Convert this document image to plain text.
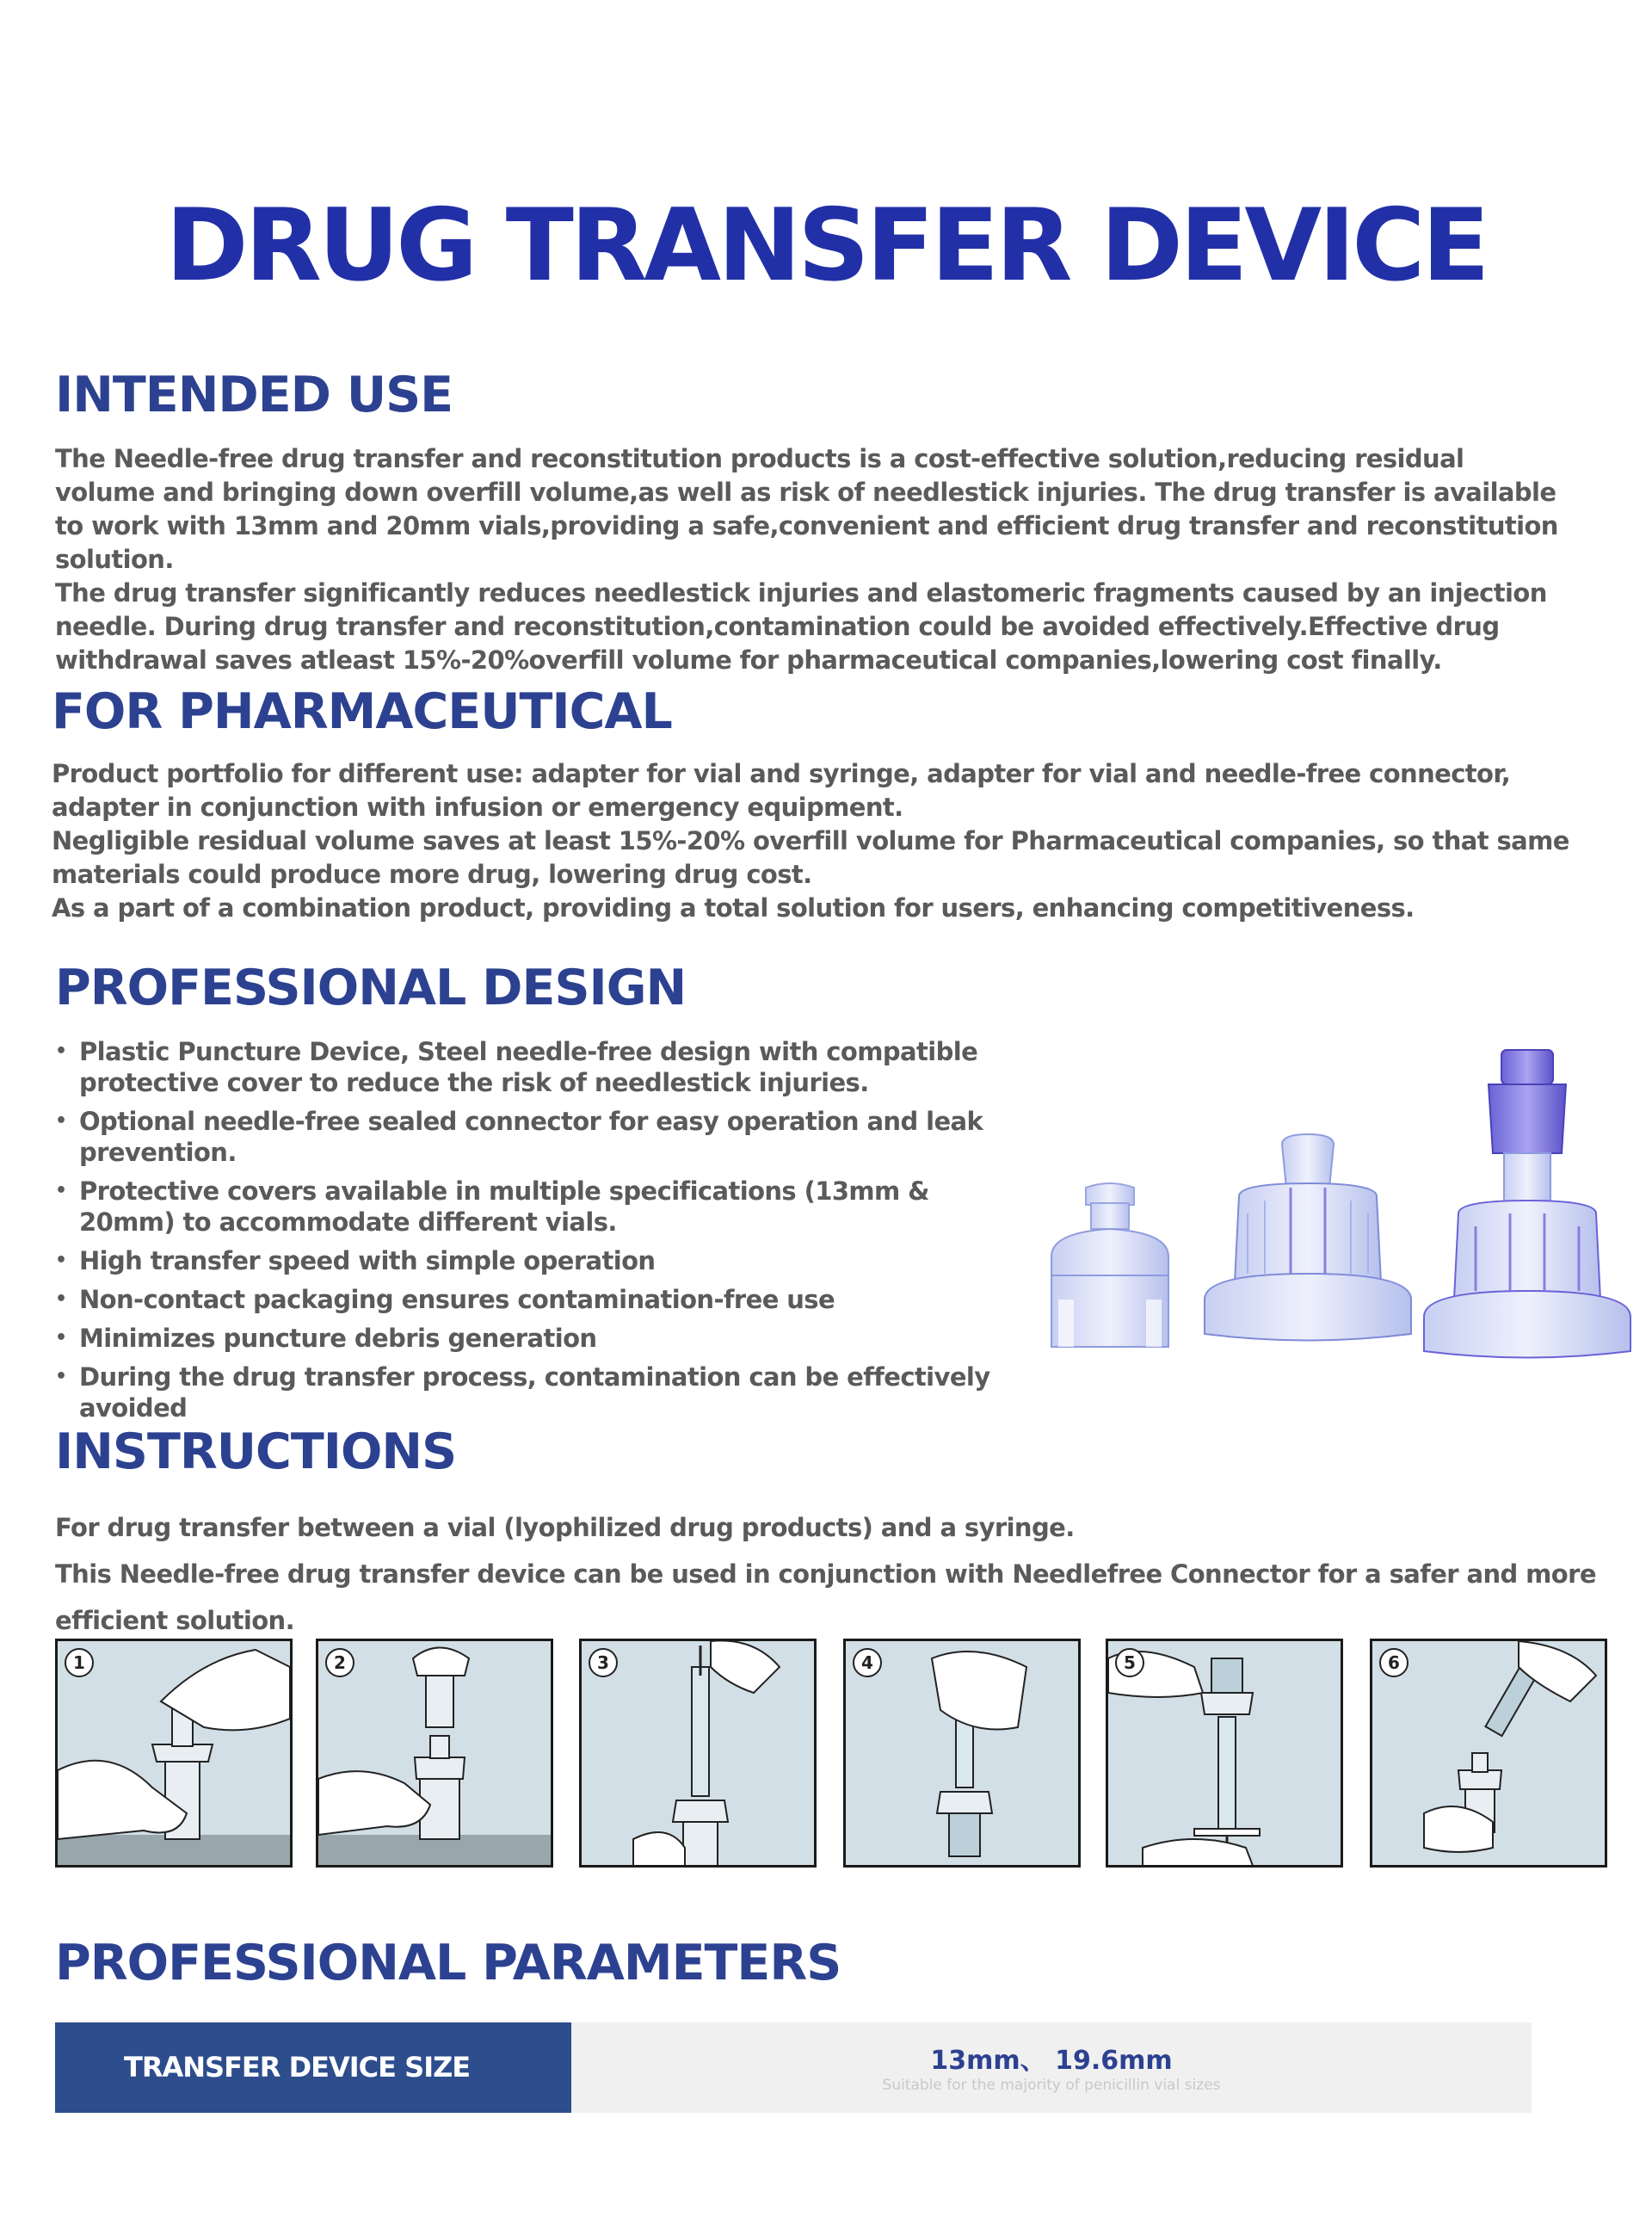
DRUG TRANSFER DEVICE
INTENDED USE

The Needle-free drug transfer and reconstitution products is a cost-effective solution,reducing residual volume and bringing down overfill volume,as well as risk of needlestick injuries. The drug transfer is available to work with 13mm and 20mm vials,providing a safe,convenient and efficient drug transfer and reconstitution solution.

The drug transfer significantly reduces needlestick injuries and elastomeric fragments caused by an injection needle. During drug transfer and reconstitution,contamination could be avoided effectively.Effective drug withdrawal saves atleast 15%-20%overfill volume for pharmaceutical companies,lowering cost finally.

FOR PHARMACEUTICAL

Product portfolio for different use: adapter for vial and syringe, adapter for vial and needle-free connector, adapter in conjunction with infusion or emergency equipment.

Negligible residual volume saves at least 15%-20% overfill volume for Pharmaceutical companies, so that same materials could produce more drug, lowering drug cost.

As a part of a combination product, providing a total solution for users, enhancing competitiveness.

PROFESSIONAL DESIGN
• Plastic Puncture Device, Steel needle-free design with compatible protective cover to reduce the risk of needlestick injuries.
• Optional needle-free sealed connector for easy operation and leak prevention.
• Protective covers available in multiple specifications (13mm & 20mm) to accommodate different vials.
• High transfer speed with simple operation
• Non-contact packaging ensures contamination-free use
• Minimizes puncture debris generation
• During the drug transfer process, contamination can be effectively avoided
INSTRUCTIONS

For drug transfer between a vial (lyophilized drug products) and a syringe.

This Needle-free drug transfer device can be used in conjunction with Needlefree Connector for a safer and more efficient solution.

1	2	3	4	5	6
PROFESSIONAL PARAMETERS
TRANSFER DEVICE SIZE	13mm、 19.6mm
Suitable for the majority of penicillin vial sizes
